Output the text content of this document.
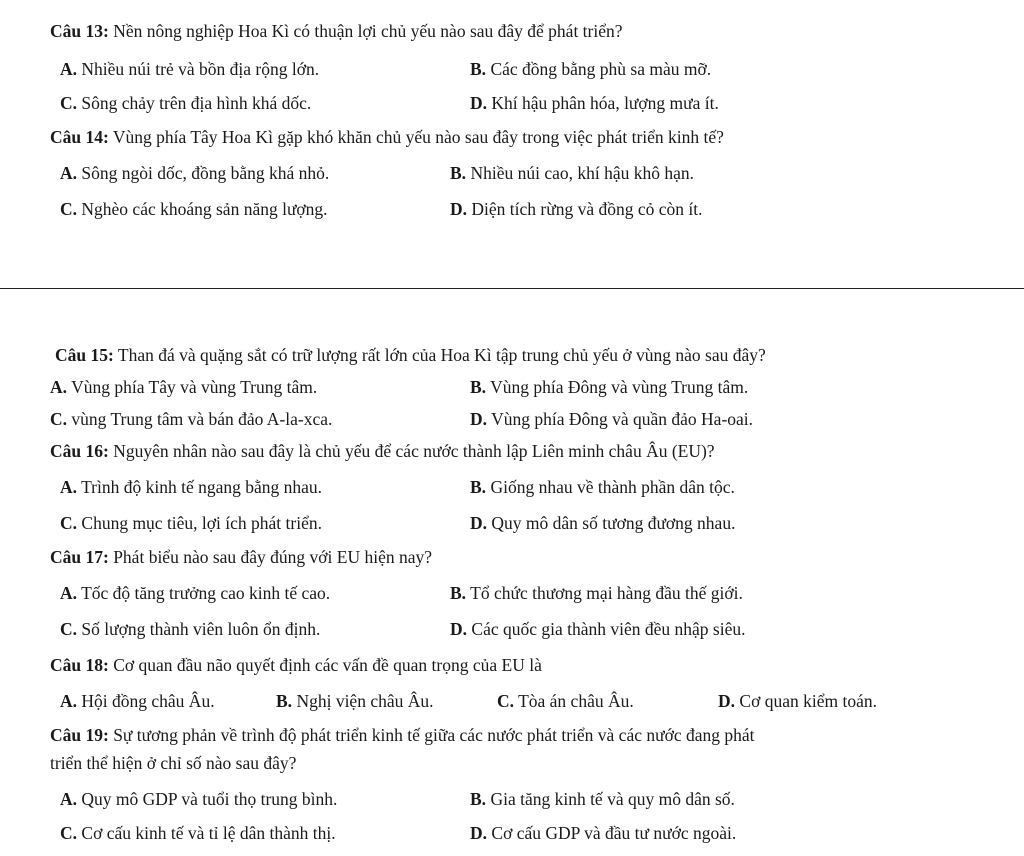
Câu 13: Nền nông nghiệp Hoa Kì có thuận lợi chủ yếu nào sau đây để phát triển?
A. Nhiều núi trẻ và bồn địa rộng lớn.	B. Các đồng bằng phù sa màu mỡ.
C. Sông chảy trên địa hình khá dốc.	D. Khí hậu phân hóa, lượng mưa ít.
Câu 14: Vùng phía Tây Hoa Kì gặp khó khăn chủ yếu nào sau đây trong việc phát triển kinh tế?
A. Sông ngòi dốc, đồng bằng khá nhỏ.	B. Nhiều núi cao, khí hậu khô hạn.
C. Nghèo các khoáng sản năng lượng.	D. Diện tích rừng và đồng cỏ còn ít.
Câu 15: Than đá và quặng sắt có trữ lượng rất lớn của Hoa Kì tập trung chủ yếu ở vùng nào sau đây?
A. Vùng phía Tây và vùng Trung tâm.	B. Vùng phía Đông và vùng Trung tâm.
C. vùng Trung tâm và bán đảo A-la-xca.	D. Vùng phía Đông và quần đảo Ha-oai.
Câu 16: Nguyên nhân nào sau đây là chủ yếu để các nước thành lập Liên minh châu Âu (EU)?
A. Trình độ kinh tế ngang bằng nhau.	B. Giống nhau về thành phần dân tộc.
C. Chung mục tiêu, lợi ích phát triển.	D. Quy mô dân số tương đương nhau.
Câu 17: Phát biểu nào sau đây đúng với EU hiện nay?
A. Tốc độ tăng trưởng cao kinh tế cao.	B. Tổ chức thương mại hàng đầu thế giới.
C. Số lượng thành viên luôn ổn định.	D. Các quốc gia thành viên đều nhập siêu.
Câu 18: Cơ quan đầu não quyết định các vấn đề quan trọng của EU là
A. Hội đồng châu Âu.	B. Nghị viện châu Âu.	C. Tòa án châu Âu.	D. Cơ quan kiểm toán.
Câu 19: Sự tương phản về trình độ phát triển kinh tế giữa các nước phát triển và các nước đang phát
triển thể hiện ở chỉ số nào sau đây?
A. Quy mô GDP và tuổi thọ trung bình.	B. Gia tăng kinh tế và quy mô dân số.
C. Cơ cấu kinh tế và tỉ lệ dân thành thị.	D. Cơ cấu GDP và đầu tư nước ngoài.
